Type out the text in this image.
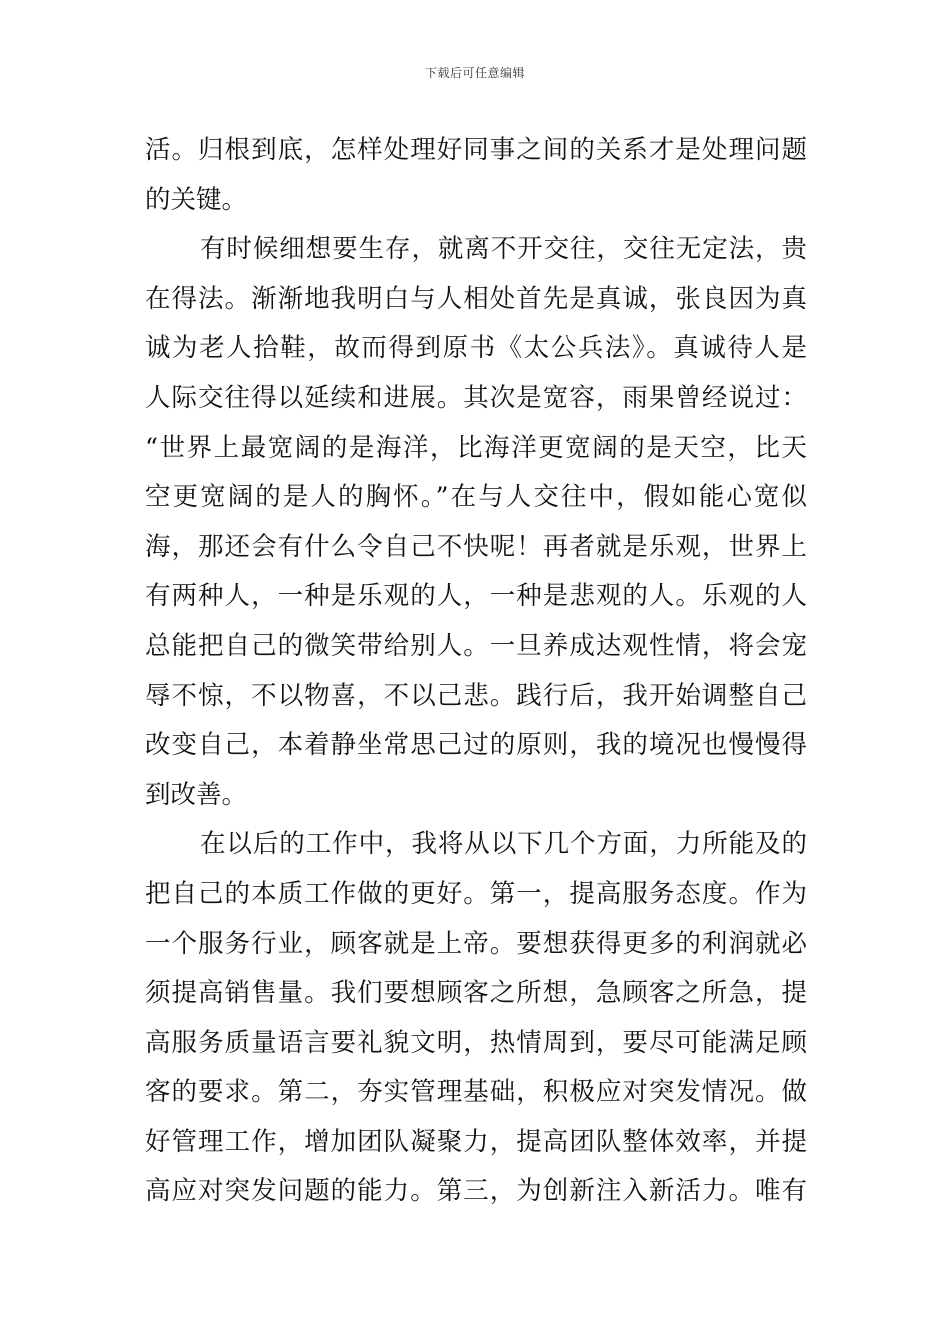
下载后可任意编辑
活。归根到底，怎样处理好同事之间的关系才是处理问题
的关键。
有时候细想要生存，就离不开交往，交往无定法，贵
在得法。渐渐地我明白与人相处首先是真诚，张良因为真
诚为老人拾鞋，故而得到原书《太公兵法》。真诚待人是
人际交往得以延续和进展。其次是宽容，雨果曾经说过：
“世界上最宽阔的是海洋，比海洋更宽阔的是天空，比天
空更宽阔的是人的胸怀。”在与人交往中，假如能心宽似
海，那还会有什么令自己不快呢！再者就是乐观，世界上
有两种人，一种是乐观的人，一种是悲观的人。乐观的人
总能把自己的微笑带给别人。一旦养成达观性情，将会宠
辱不惊，不以物喜，不以己悲。践行后，我开始调整自己
改变自己，本着静坐常思己过的原则，我的境况也慢慢得
到改善。
在以后的工作中，我将从以下几个方面，力所能及的
把自己的本质工作做的更好。第一，提高服务态度。作为
一个服务行业，顾客就是上帝。要想获得更多的利润就必
须提高销售量。我们要想顾客之所想，急顾客之所急，提
高服务质量语言要礼貌文明，热情周到，要尽可能满足顾
客的要求。第二，夯实管理基础，积极应对突发情况。做
好管理工作，增加团队凝聚力，提高团队整体效率，并提
高应对突发问题的能力。第三，为创新注入新活力。唯有
